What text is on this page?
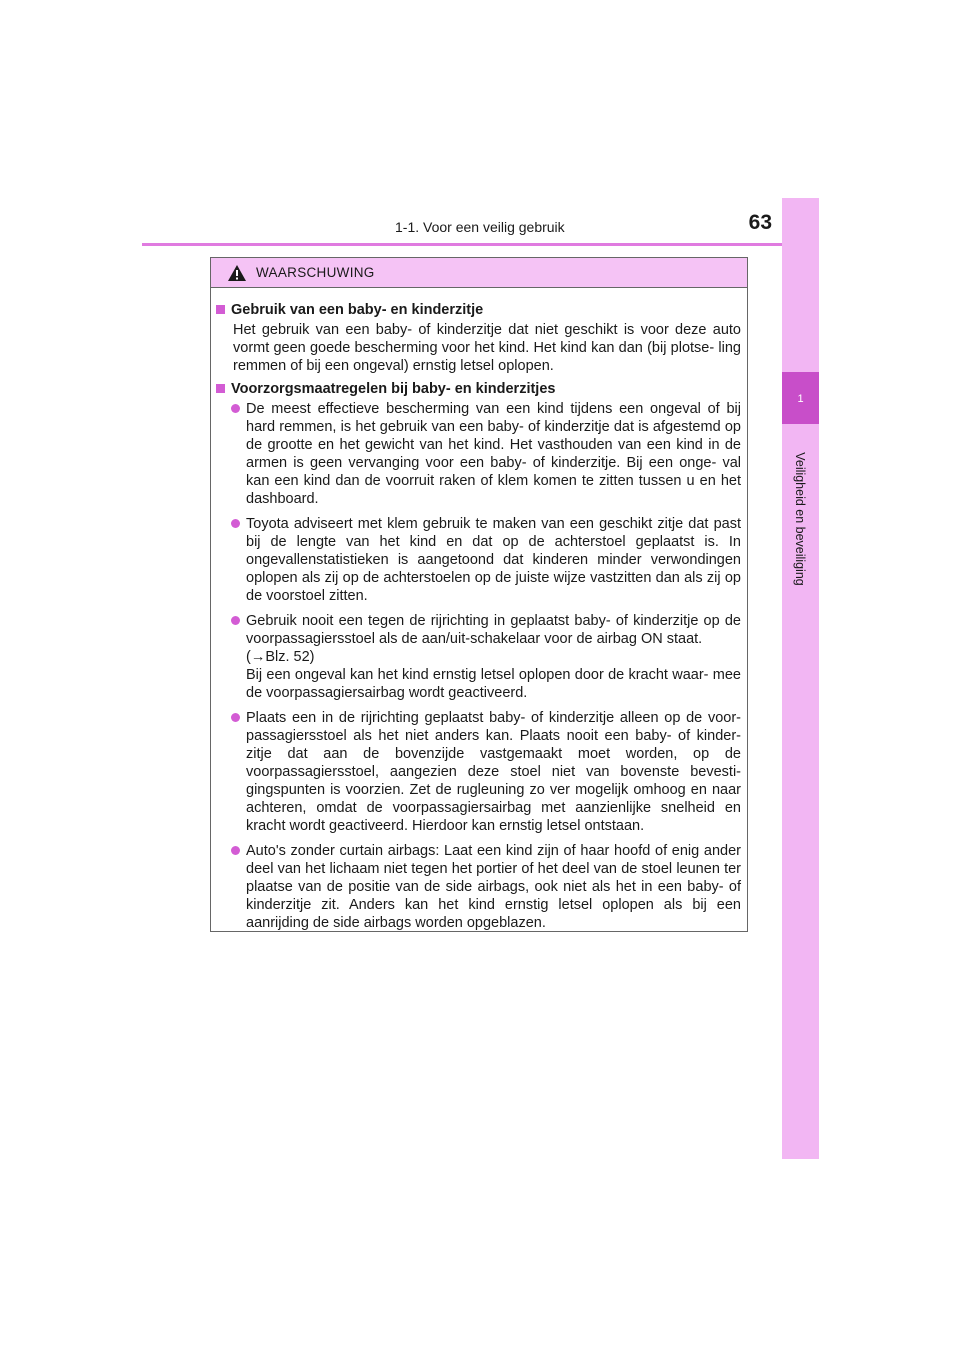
1-1. Voor een veilig gebruik	63
1
Veiligheid en beveiliging
WAARSCHUWING
Gebruik van een baby- en kinderzitje
Het gebruik van een baby- of kinderzitje dat niet geschikt is voor deze auto vormt geen goede bescherming voor het kind. Het kind kan dan (bij plotse- ling remmen of bij een ongeval) ernstig letsel oplopen.
Voorzorgsmaatregelen bij baby- en kinderzitjes
De meest effectieve bescherming van een kind tijdens een ongeval of bij hard remmen, is het gebruik van een baby- of kinderzitje dat is afgestemd op de grootte en het gewicht van het kind. Het vasthouden van een kind in de armen is geen vervanging voor een baby- of kinderzitje. Bij een onge- val kan een kind dan de voorruit raken of klem komen te zitten tussen u en het dashboard.
Toyota adviseert met klem gebruik te maken van een geschikt zitje dat past bij de lengte van het kind en dat op de achterstoel geplaatst is. In ongevallenstatistieken is aangetoond dat kinderen minder verwondingen oplopen als zij op de achterstoelen op de juiste wijze vastzitten dan als zij op de voorstoel zitten.
Gebruik nooit een tegen de rijrichting in geplaatst baby- of kinderzitje op de voorpassagiersstoel als de aan/uit-schakelaar voor de airbag ON staat.
(→Blz. 52)
Bij een ongeval kan het kind ernstig letsel oplopen door de kracht waar- mee de voorpassagiersairbag wordt geactiveerd.
Plaats een in de rijrichting geplaatst baby- of kinderzitje alleen op de voor- passagiersstoel als het niet anders kan. Plaats nooit een baby- of kinder- zitje dat aan de bovenzijde vastgemaakt moet worden, op de voorpassagiersstoel, aangezien deze stoel niet van bovenste bevesti- gingspunten is voorzien. Zet de rugleuning zo ver mogelijk omhoog en naar achteren, omdat de voorpassagiersairbag met aanzienlijke snelheid en kracht wordt geactiveerd. Hierdoor kan ernstig letsel ontstaan.
Auto's zonder curtain airbags: Laat een kind zijn of haar hoofd of enig ander deel van het lichaam niet tegen het portier of het deel van de stoel leunen ter plaatse van de positie van de side airbags, ook niet als het in een baby- of kinderzitje zit. Anders kan het kind ernstig letsel oplopen als bij een aanrijding de side airbags worden opgeblazen.
